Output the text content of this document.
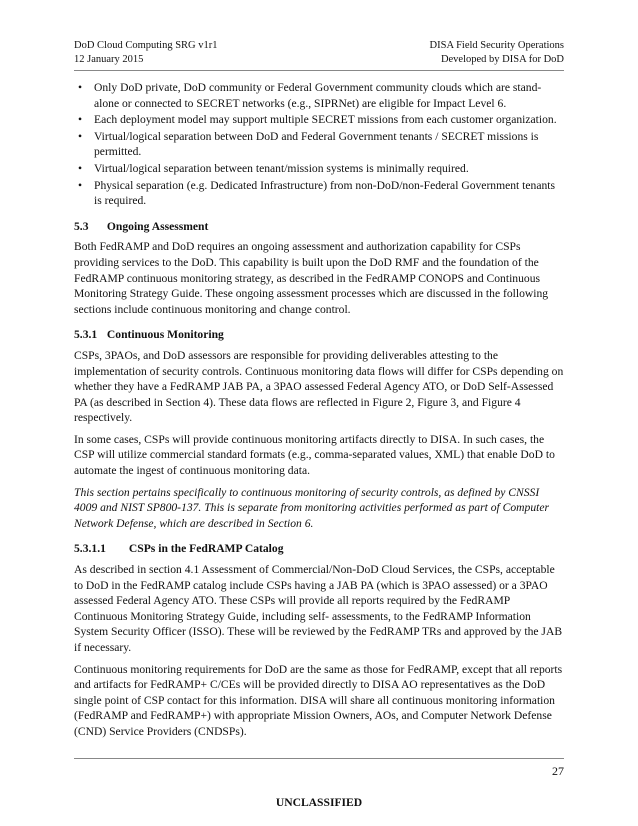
DoD Cloud Computing SRG v1r1
12 January 2015
DISA Field Security Operations
Developed by DISA for DoD
• Only DoD private, DoD community or Federal Government community clouds which are stand-alone or connected to SECRET networks (e.g., SIPRNet) are eligible for Impact Level 6.
• Each deployment model may support multiple SECRET missions from each customer organization.
• Virtual/logical separation between DoD and Federal Government tenants / SECRET missions is permitted.
• Virtual/logical separation between tenant/mission systems is minimally required.
• Physical separation (e.g. Dedicated Infrastructure) from non-DoD/non-Federal Government tenants is required.
5.3 Ongoing Assessment

Both FedRAMP and DoD requires an ongoing assessment and authorization capability for CSPs providing services to the DoD. This capability is built upon the DoD RMF and the foundation of the FedRAMP continuous monitoring strategy, as described in the FedRAMP CONOPS and Continuous Monitoring Strategy Guide. These ongoing assessment processes which are discussed in the following sections include continuous monitoring and change control.

5.3.1 Continuous Monitoring

CSPs, 3PAOs, and DoD assessors are responsible for providing deliverables attesting to the implementation of security controls. Continuous monitoring data flows will differ for CSPs depending on whether they have a FedRAMP JAB PA, a 3PAO assessed Federal Agency ATO, or DoD Self-Assessed PA (as described in Section 4). These data flows are reflected in Figure 2, Figure 3, and Figure 4 respectively.

In some cases, CSPs will provide continuous monitoring artifacts directly to DISA. In such cases, the CSP will utilize commercial standard formats (e.g., comma-separated values, XML) that enable DoD to automate the ingest of continuous monitoring data.

This section pertains specifically to continuous monitoring of security controls, as defined by CNSSI 4009 and NIST SP800-137. This is separate from monitoring activities performed as part of Computer Network Defense, which are described in Section 6.

5.3.1.1 CSPs in the FedRAMP Catalog

As described in section 4.1 Assessment of Commercial/Non-DoD Cloud Services, the CSPs, acceptable to DoD in the FedRAMP catalog include CSPs having a JAB PA (which is 3PAO assessed) or a 3PAO assessed Federal Agency ATO. These CSPs will provide all reports required by the FedRAMP Continuous Monitoring Strategy Guide, including self- assessments, to the FedRAMP Information System Security Officer (ISSO). These will be reviewed by the FedRAMP TRs and approved by the JAB if necessary.

Continuous monitoring requirements for DoD are the same as those for FedRAMP, except that all reports and artifacts for FedRAMP+ C/CEs will be provided directly to DISA AO representatives as the DoD single point of CSP contact for this information. DISA will share all continuous monitoring information (FedRAMP and FedRAMP+) with appropriate Mission Owners, AOs, and Computer Network Defense (CND) Service Providers (CNDSPs).

27
UNCLASSIFIED
